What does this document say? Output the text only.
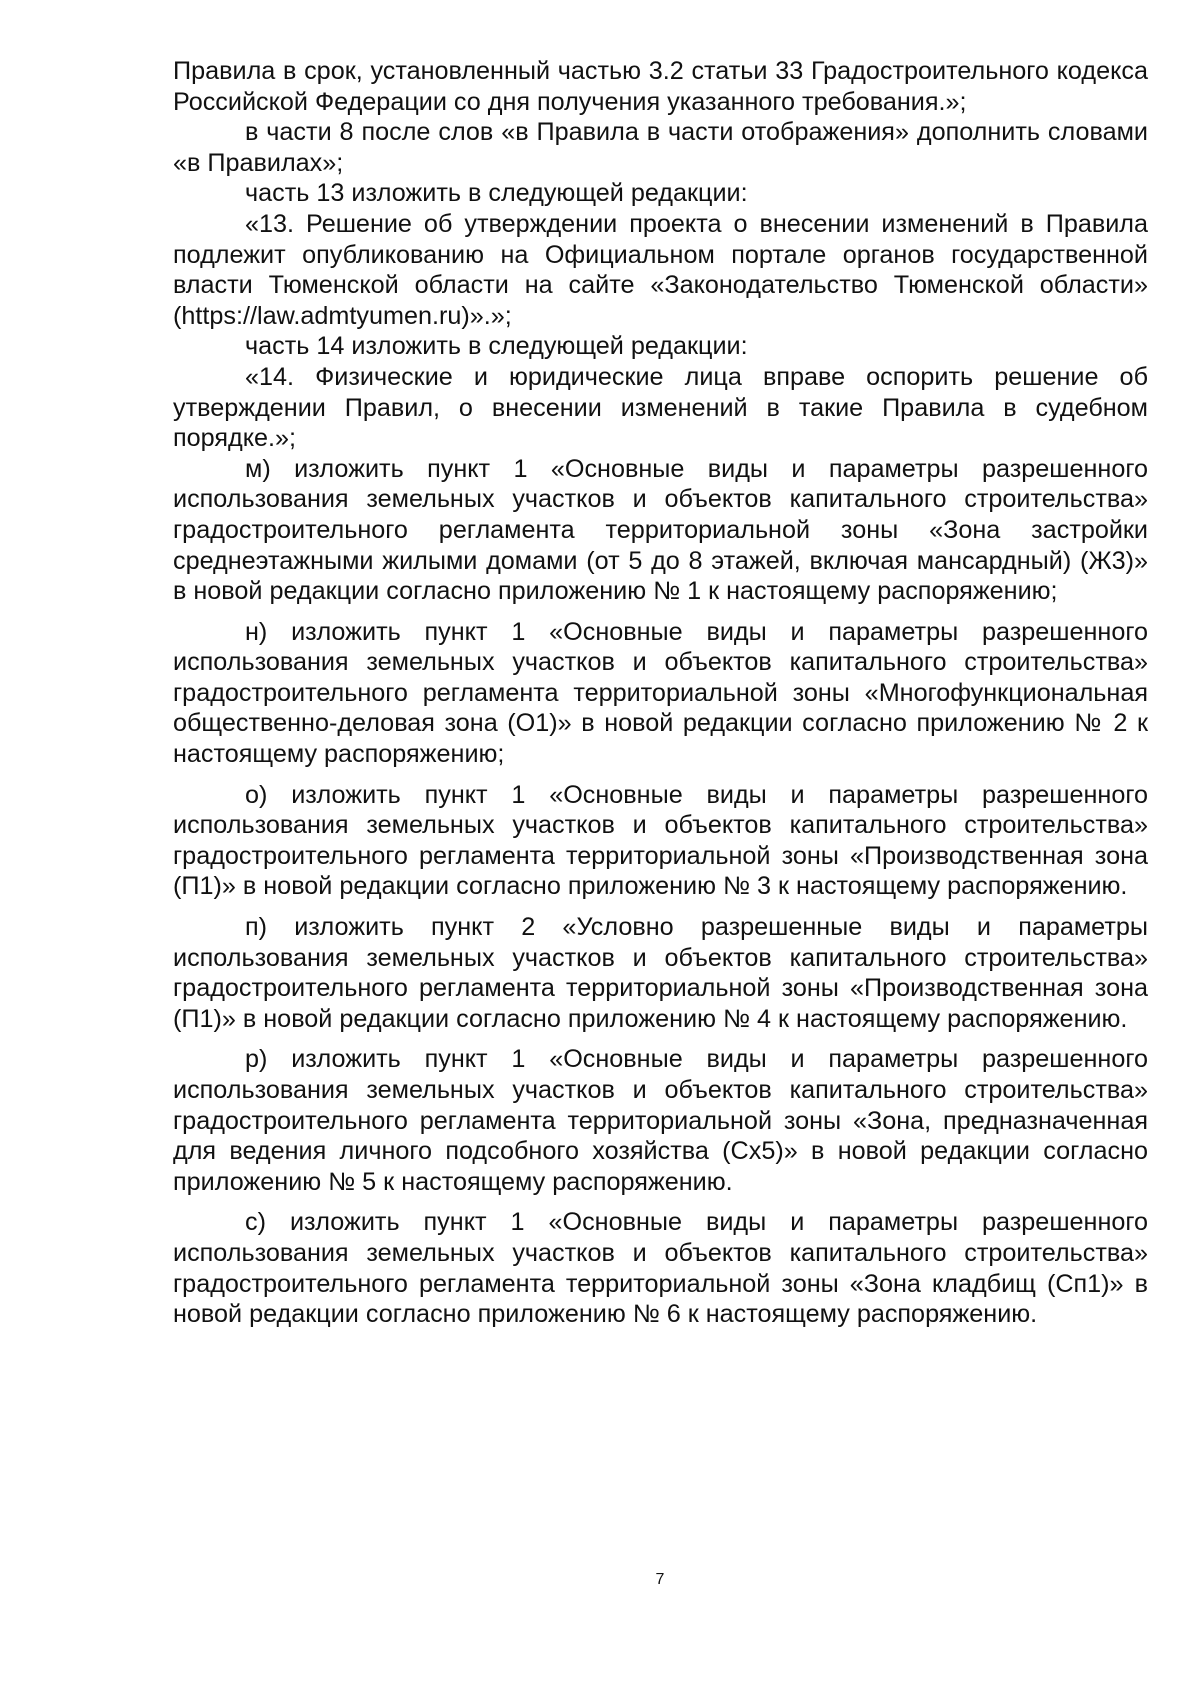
Правила в срок, установленный частью 3.2 статьи 33 Градостроительного кодекса Российской Федерации со дня получения указанного требования.»;

в части 8 после слов «в Правила в части отображения» дополнить словами «в Правилах»;

часть 13 изложить в следующей редакции:

«13. Решение об утверждении проекта о внесении изменений в Правила подлежит опубликованию на Официальном портале органов государственной власти Тюменской области на сайте «Законодательство Тюменской области» (https://law.admtyumen.ru)».»;

часть 14 изложить в следующей редакции:

«14. Физические и юридические лица вправе оспорить решение об утверждении Правил, о внесении изменений в такие Правила в судебном порядке.»;

м) изложить пункт 1 «Основные виды и параметры разрешенного использования земельных участков и объектов капитального строительства» градостроительного регламента территориальной зоны «Зона застройки среднеэтажными жилыми домами (от 5 до 8 этажей, включая мансардный) (Ж3)» в новой редакции согласно приложению № 1 к настоящему распоряжению;

н) изложить пункт 1 «Основные виды и параметры разрешенного использования земельных участков и объектов капитального строительства» градостроительного регламента территориальной зоны «Многофункциональная общественно-деловая зона (О1)» в новой редакции согласно приложению № 2 к настоящему распоряжению;

о) изложить пункт 1 «Основные виды и параметры разрешенного использования земельных участков и объектов капитального строительства» градостроительного регламента территориальной зоны «Производственная зона (П1)» в новой редакции согласно приложению № 3 к настоящему распоряжению.

п) изложить пункт 2 «Условно разрешенные виды и параметры использования земельных участков и объектов капитального строительства» градостроительного регламента территориальной зоны «Производственная зона (П1)» в новой редакции согласно приложению № 4 к настоящему распоряжению.

р) изложить пункт 1 «Основные виды и параметры разрешенного использования земельных участков и объектов капитального строительства» градостроительного регламента территориальной зоны «Зона, предназначенная для ведения личного подсобного хозяйства (Сх5)» в новой редакции согласно приложению № 5 к настоящему распоряжению.

с) изложить пункт 1 «Основные виды и параметры разрешенного использования земельных участков и объектов капитального строительства» градостроительного регламента территориальной зоны «Зона кладбищ (Сп1)» в новой редакции согласно приложению № 6 к настоящему распоряжению.

7
